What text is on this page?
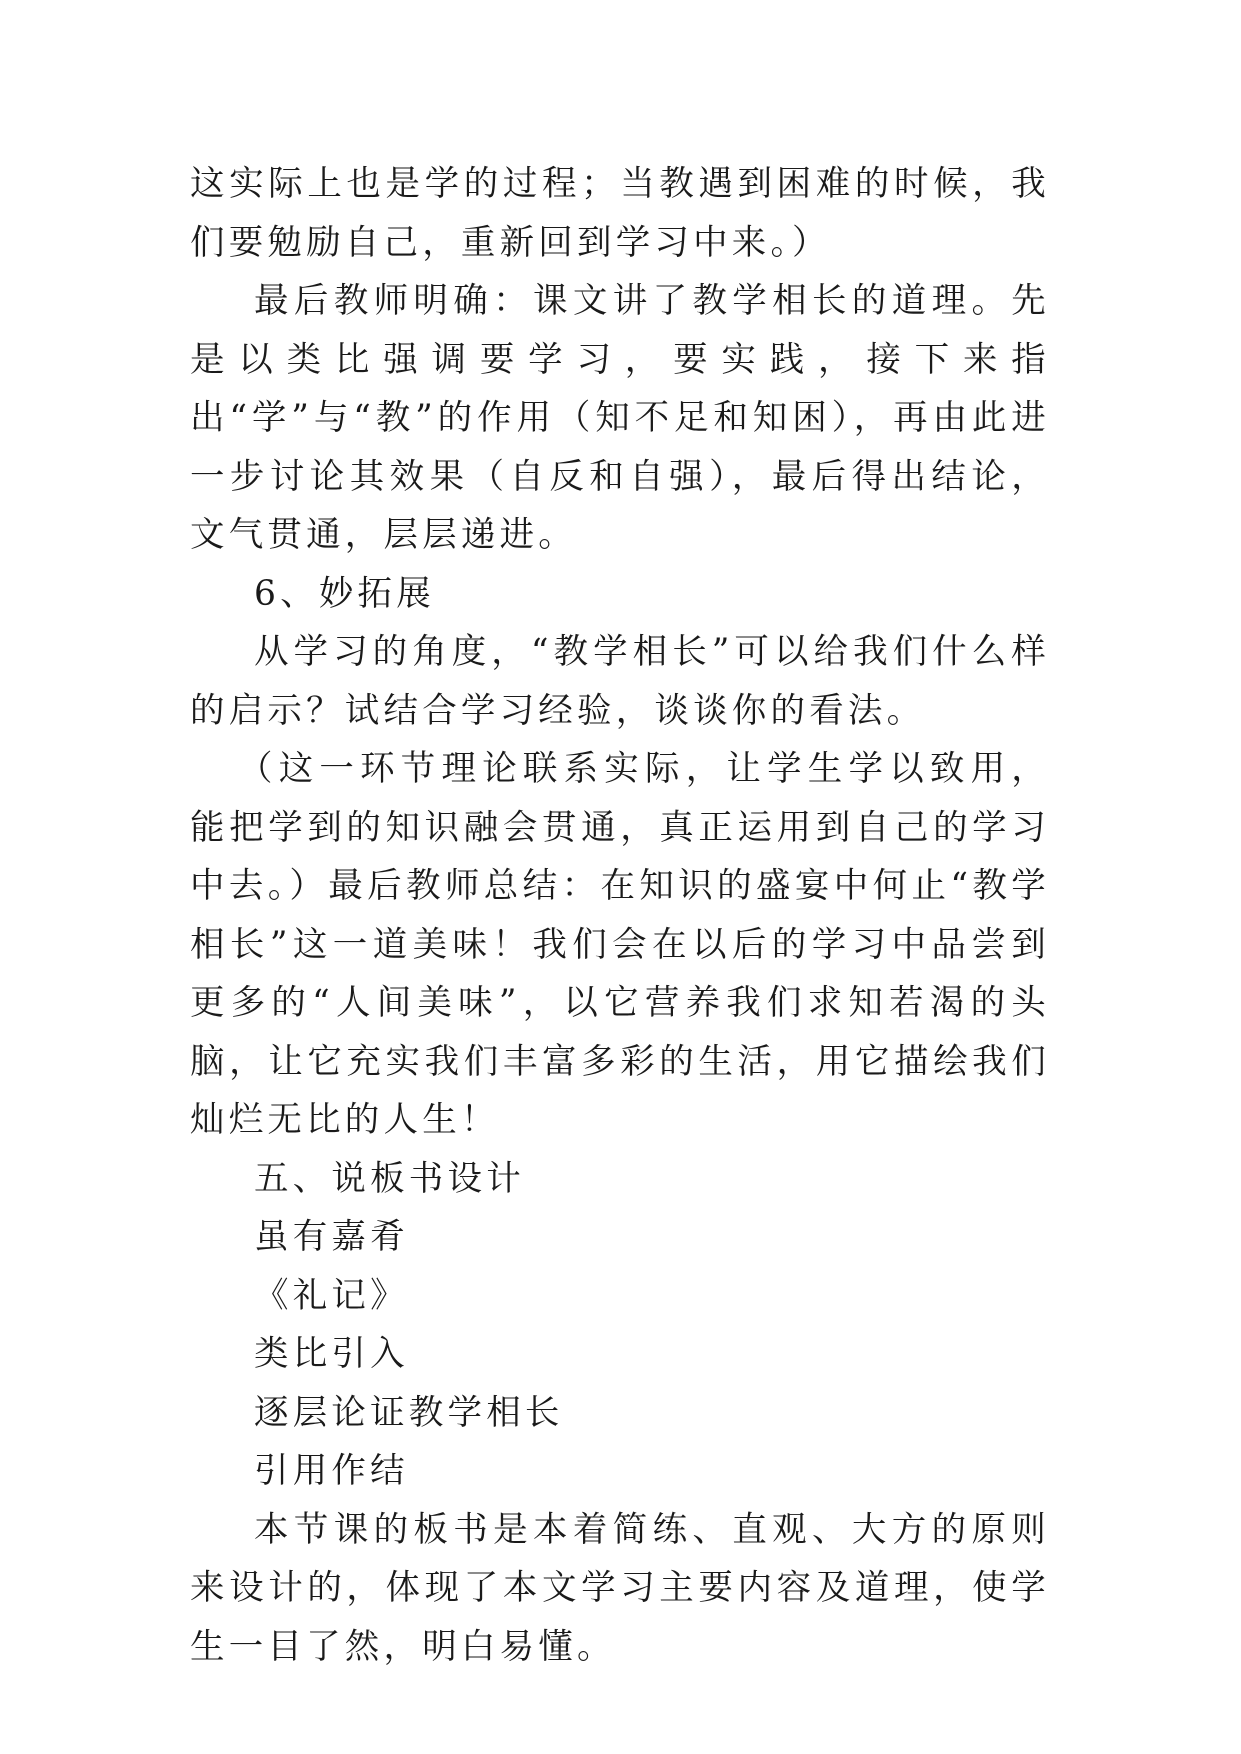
这实际上也是学的过程；当教遇到困难的时候，我们要勉励自己，重新回到学习中来。）

最后教师明确：课文讲了教学相长的道理。先是以类比强调要学习，要实践，接下来指出“学”与“教”的作用（知不足和知困），再由此进一步讨论其效果（自反和自强），最后得出结论，文气贯通，层层递进。

6、妙拓展

从学习的角度，“教学相长”可以给我们什么样的启示？试结合学习经验，谈谈你的看法。

（这一环节理论联系实际，让学生学以致用，能把学到的知识融会贯通，真正运用到自己的学习中去。）最后教师总结：在知识的盛宴中何止“教学相长”这一道美味！我们会在以后的学习中品尝到更多的“人间美味”，以它营养我们求知若渴的头脑，让它充实我们丰富多彩的生活，用它描绘我们灿烂无比的人生！

五、说板书设计

虽有嘉肴

《礼记》

类比引入

逐层论证教学相长

引用作结

本节课的板书是本着简练、直观、大方的原则来设计的，体现了本文学习主要内容及道理，使学生一目了然，明白易懂。
